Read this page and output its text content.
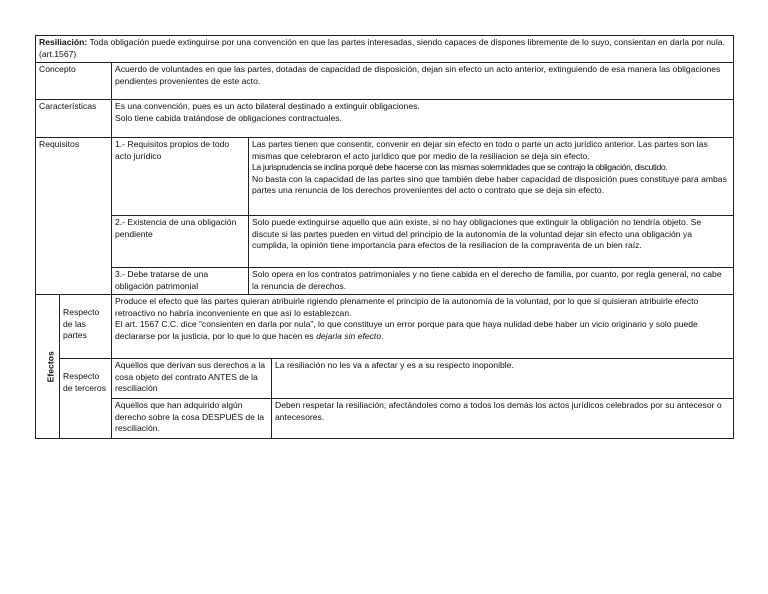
Resiliación: Toda obligación puede extinguirse por una convención en que las partes interesadas, siendo capaces de dispones libremente de lo suyo, consientan en darla por nula. (art.1567)				
Concepto		Acuerdo de voluntades en que las partes, dotadas de capacidad de disposición, dejan sin efecto un acto anterior, extinguiendo de esa manera las obligaciones pendientes provenientes de este acto.		
Características		Es una convención, pues es un acto bilateral destinado a extinguir obligaciones.
Solo tiene cabida tratándose de obligaciones contractuales.		

Requisitos		1.- Requisitos propios de todo acto jurídico	Las partes tienen que consentir, convenir en dejar sin efecto en todo o parte un acto jurídico anterior. Las partes son las mismas que celebraron el acto jurídico que por medio de la resiliacion se deja sin efecto.
La jurisprudencia se inclina porqué debe hacerse con las mismas solemnidades que se contrajo la obligación, discutido.
No basta con la capacidad de las partes sino que también debe haber capacidad de disposición pues constituye para ambas partes una renuncia de los derechos provenientes del acto o contrato que se deja sin efecto.	

		2.- Existencia de una obligación pendiente	Solo puede extinguirse aquello que aún existe, si no hay obligaciones que extinguir la obligación no tendría objeto. Se discute si las partes pueden en virtud del principio de la autonomía de la voluntad dejar sin efecto una obligación ya cumplida, la opinión tiene importancia para efectos de la resiliacion de la compraventa de un bien raíz.	
		3.- Debe tratarse de una obligación patrimonial	Solo opera en los contratos patrimoniales y no tiene cabida en el derecho de familia, por cuanto, por regla general, no cabe la renuncia de derechos.	
Efectos	Respecto de las partes	Produce el efecto que las partes quieran atribuirle rigiendo plenamente el principio de la autonomía de la voluntad, por lo que si quisieran atribuirle efecto retroactivo no habría inconveniente en que así lo establezcan.
El art. 1567 C.C. dice “consienten en darla por nula”, lo que constituye un error porque para que haya nulidad debe haber un vicio originario y solo puede declararse por la justicia, por lo que lo que hacen es dejarla sin efecto.		

	Respecto de terceros	Aquellos que derivan sus derechos a la cosa objeto del contrato ANTES de la resciliación		La resiliación no les va a afectar y es a su respecto inoponible.
		Aquellos que han adquirido algún derecho sobre la cosa DESPUÉS de la resciliación.		Deben respetar la resiliación, afectándoles como a todos los demás los actos jurídicos celebrados por su antecesor o antecesores.
